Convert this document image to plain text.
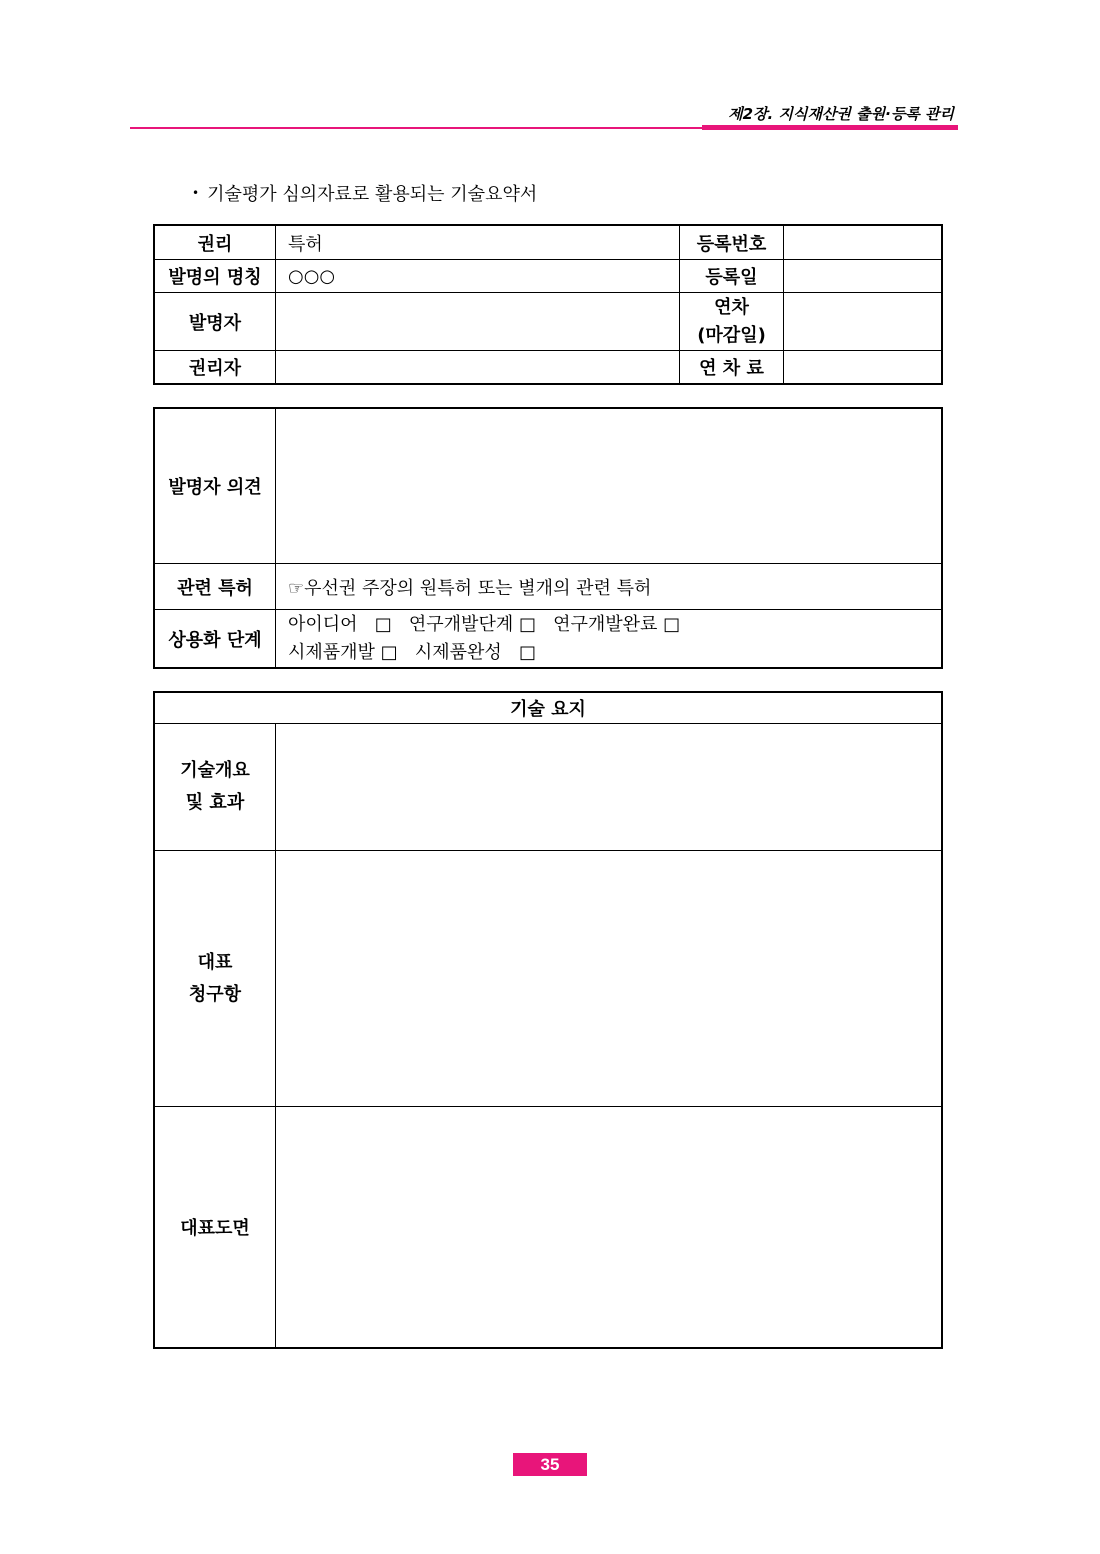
제2장. 지식재산권 출원·등록 관리
• 기술평가 심의자료로 활용되는 기술요약서
권리	특허	등록번호	
발명의 명칭	○○○	등록일	
발명자		연차
(마감일)	

권리자		연 차 료	
발명자 의견	
관련 특허	☞우선권 주장의 원특허 또는 별개의 관련 특허
상용화 단계	아이디어   □   연구개발단계 □   연구개발완료 □
시제품개발 □   시제품완성   □
기술 요지	

기술개요
및 효과	

대표
청구항	

대표도면	
35
